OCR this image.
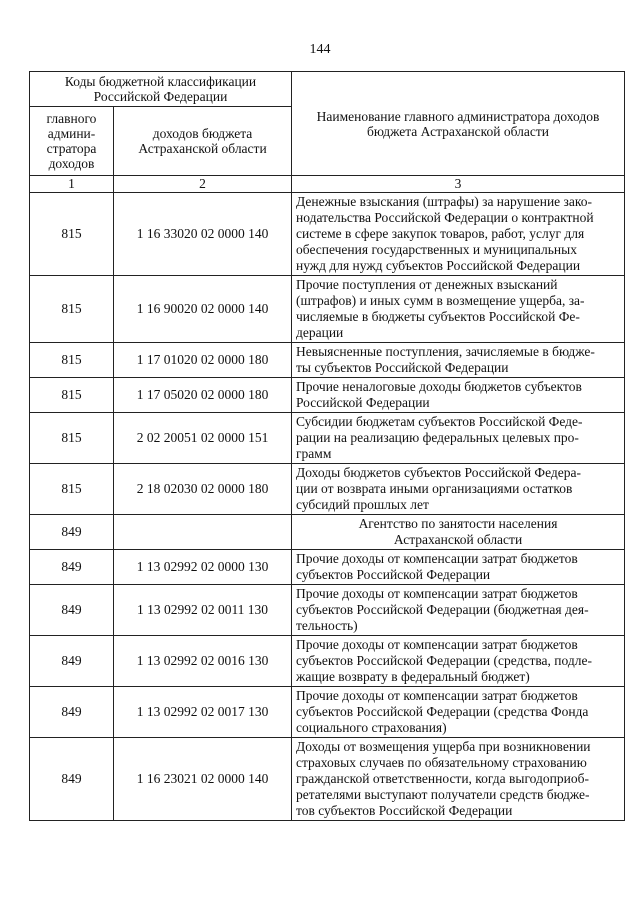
144
Коды бюджетной классификации
Российской Федерации		Наименование главного администратора доходов
бюджета Астраханской области

главного
админи-
стратора
доходов	доходов бюджета
Астраханской области	

1	2	3
815	1 16 33020 02 0000 140	Денежные взыскания (штрафы) за нарушение зако-
нодательства Российской Федерации о контрактной
системе в сфере закупок товаров, работ, услуг для
обеспечения государственных и муниципальных
нужд для нужд субъектов Российской Федерации

815	1 16 90020 02 0000 140	Прочие поступления от денежных взысканий
(штрафов) и иных сумм в возмещение ущерба, за-
числяемые в бюджеты субъектов Российской Фе-
дерации

815	1 17 01020 02 0000 180	Невыясненные поступления, зачисляемые в бюдже-
ты субъектов Российской Федерации

815	1 17 05020 02 0000 180	Прочие неналоговые доходы бюджетов субъектов
Российской Федерации

815	2 02 20051 02 0000 151	Субсидии бюджетам субъектов Российской Феде-
рации на реализацию федеральных целевых про-
грамм

815	2 18 02030 02 0000 180	Доходы бюджетов субъектов Российской Федера-
ции от возврата иными организациями остатков
субсидий прошлых лет

849		Агентство по занятости населения
Астраханской области

849	1 13 02992 02 0000 130	Прочие доходы от компенсации затрат бюджетов
субъектов Российской Федерации

849	1 13 02992 02 0011 130	Прочие доходы от компенсации затрат бюджетов
субъектов Российской Федерации (бюджетная дея-
тельность)

849	1 13 02992 02 0016 130	Прочие доходы от компенсации затрат бюджетов
субъектов Российской Федерации (средства, подле-
жащие возврату в федеральный бюджет)

849	1 13 02992 02 0017 130	Прочие доходы от компенсации затрат бюджетов
субъектов Российской Федерации (средства Фонда
социального страхования)

849	1 16 23021 02 0000 140	Доходы от возмещения ущерба при возникновении
страховых случаев по обязательному страхованию
гражданской ответственности, когда выгодоприоб-
ретателями выступают получатели средств бюдже-
тов субъектов Российской Федерации
